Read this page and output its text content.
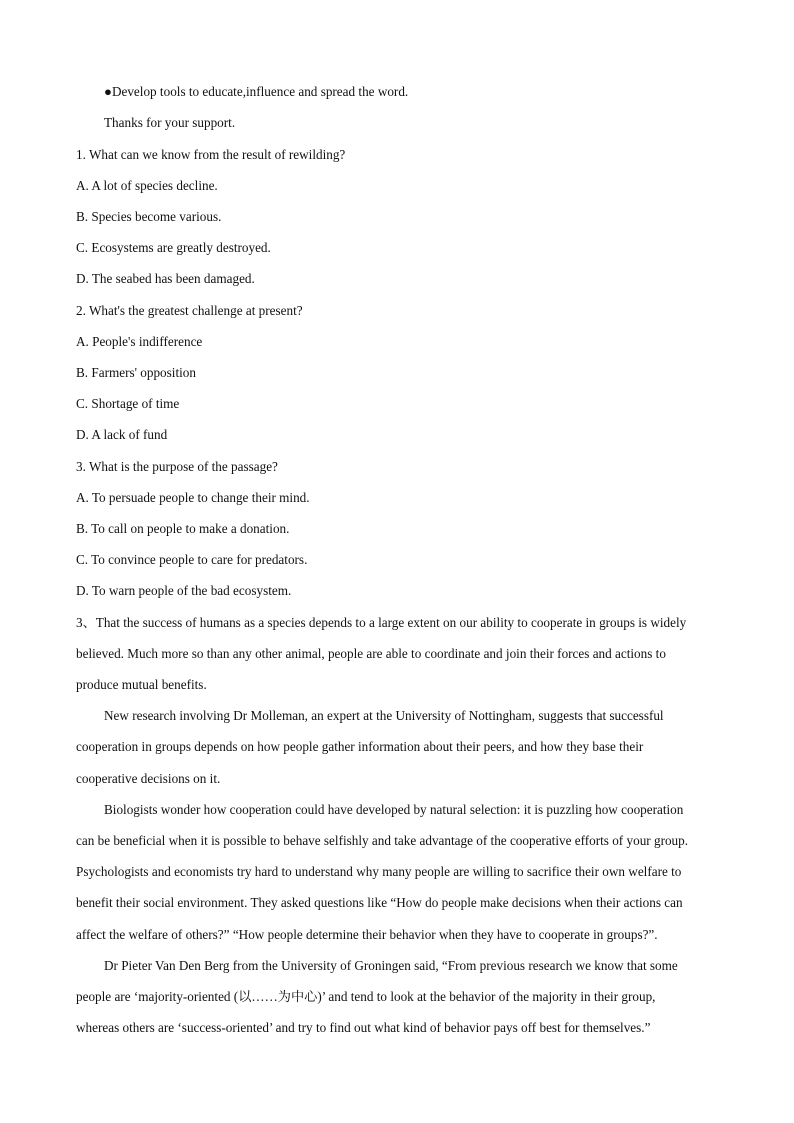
●Develop tools to educate,influence and spread the word.
Thanks for your support.
1. What can we know from the result of rewilding?
A. A lot of species decline.
B. Species become various.
C. Ecosystems are greatly destroyed.
D. The seabed has been damaged.
2. What's the greatest challenge at present?
A. People's indifference
B. Farmers' opposition
C. Shortage of time
D. A lack of fund
3. What is the purpose of the passage?
A. To persuade people to change their mind.
B. To call on people to make a donation.
C. To convince people to care for predators.
D. To warn people of the bad ecosystem.
3、That the success of humans as a species depends to a large extent on our ability to cooperate in groups is widely
believed. Much more so than any other animal, people are able to coordinate and join their forces and actions to
produce mutual benefits.
New research involving Dr Molleman, an expert at the University of Nottingham, suggests that successful
cooperation in groups depends on how people gather information about their peers, and how they base their
cooperative decisions on it.
Biologists wonder how cooperation could have developed by natural selection: it is puzzling how cooperation
can be beneficial when it is possible to behave selfishly and take advantage of the cooperative efforts of your group.
Psychologists and economists try hard to understand why many people are willing to sacrifice their own welfare to
benefit their social environment. They asked questions like “How do people make decisions when their actions can
affect the welfare of others?” “How people determine their behavior when they have to cooperate in groups?”.
Dr Pieter Van Den Berg from the University of Groningen said, “From previous research we know that some
people are ‘majority-oriented (以……为中心)’ and tend to look at the behavior of the majority in their group,
whereas others are ‘success-oriented’ and try to find out what kind of behavior pays off best for themselves.”
